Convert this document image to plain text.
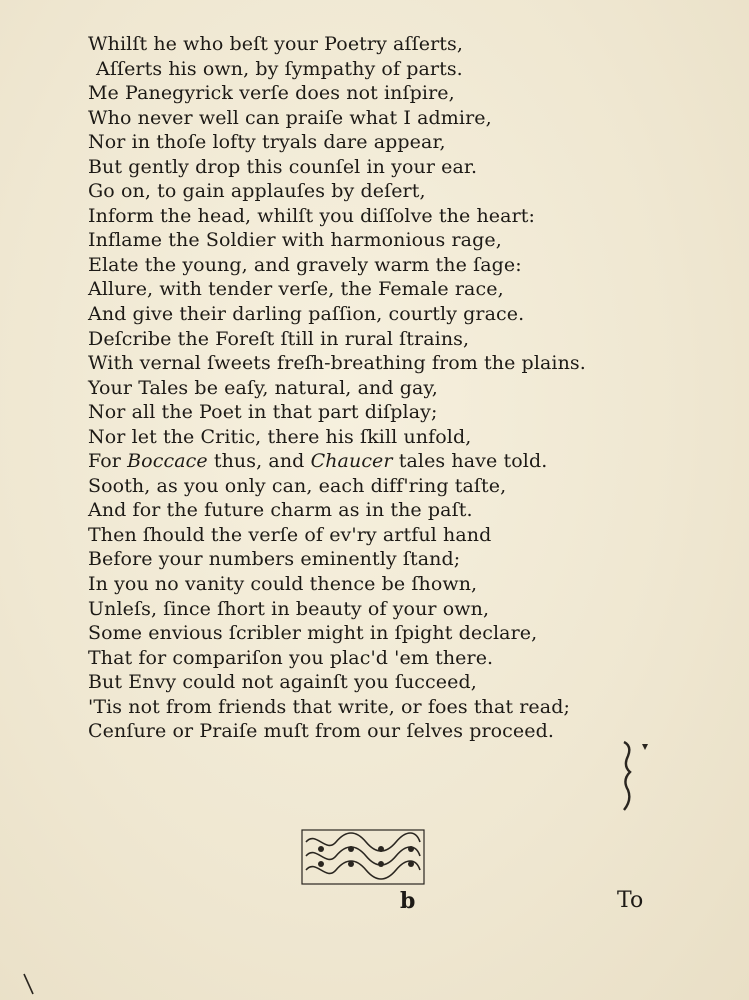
Whilſt he who beſt your Poetry aſſerts,
Aſſerts his own, by ſympathy of parts.
Me Panegyrick verſe does not inſpire,
Who never well can praiſe what I admire,
Nor in thoſe lofty tryals dare appear,
But gently drop this counſel in your ear.
Go on, to gain applauſes by deſert,
Inform the head, whilſt you diſſolve the heart:
Inflame the Soldier with harmonious rage,
Elate the young, and gravely warm the ſage:
Allure, with tender verſe, the Female race,
And give their darling paſſion, courtly grace.
Deſcribe the Foreſt ſtill in rural ſtrains,
With vernal ſweets freſh-breathing from the plains.
Your Tales be eaſy, natural, and gay,
Nor all the Poet in that part diſplay;
Nor let the Critic, there his ſkill unfold,
For Boccace thus, and Chaucer tales have told.
Sooth, as you only can, each diff'ring taſte,
And for the future charm as in the paſt.
Then ſhould the verſe of ev'ry artful hand
Before your numbers eminently ſtand;
In you no vanity could thence be ſhown,
Unleſs, ſince ſhort in beauty of your own,
Some envious ſcribler might in ſpight declare,
That for compariſon you plac'd 'em there.
But Envy could not againſt you ſucceed,
'Tis not from friends that write, or foes that read;
Cenſure or Praiſe muſt from our ſelves proceed.
b	To
